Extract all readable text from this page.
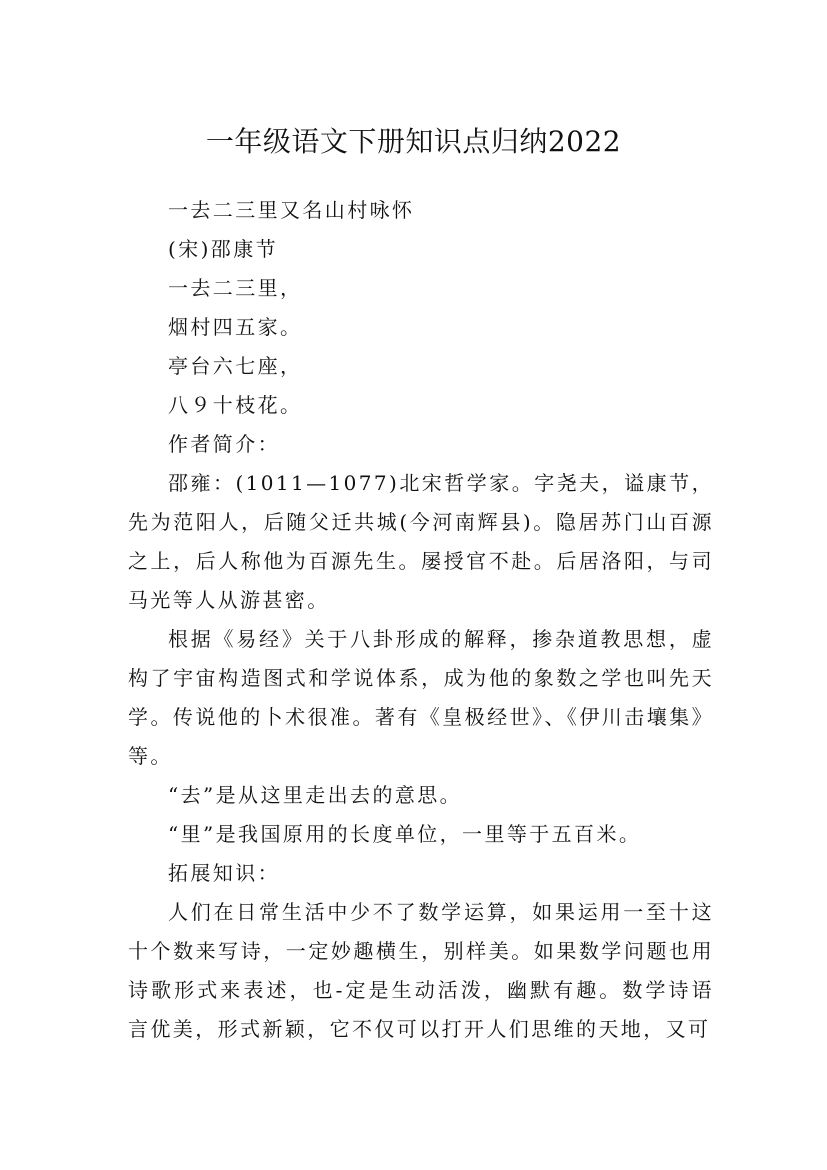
一年级语文下册知识点归纳2022

一去二三里又名山村咏怀

(宋)邵康节

一去二三里，

烟村四五家。

亭台六七座，

八９十枝花。

作者简介：

邵雍：(1011—1077)北宋哲学家。字尧夫，谥康节，先为范阳人，后随父迁共城(今河南辉县)。隐居苏门山百源之上，后人称他为百源先生。屡授官不赴。后居洛阳，与司马光等人从游甚密。

根据《易经》关于八卦形成的解释，掺杂道教思想，虚构了宇宙构造图式和学说体系，成为他的象数之学也叫先天学。传说他的卜术很准。著有《皇极经世》、《伊川击壤集》等。

“去”是从这里走出去的意思。

“里”是我国原用的长度单位，一里等于五百米。

拓展知识：

人们在日常生活中少不了数学运算，如果运用一至十这十个数来写诗，一定妙趣横生，别样美。如果数学问题也用诗歌形式来表述，也-定是生动活泼，幽默有趣。数学诗语言优美，形式新颖，它不仅可以打开人们思维的天地，又可
